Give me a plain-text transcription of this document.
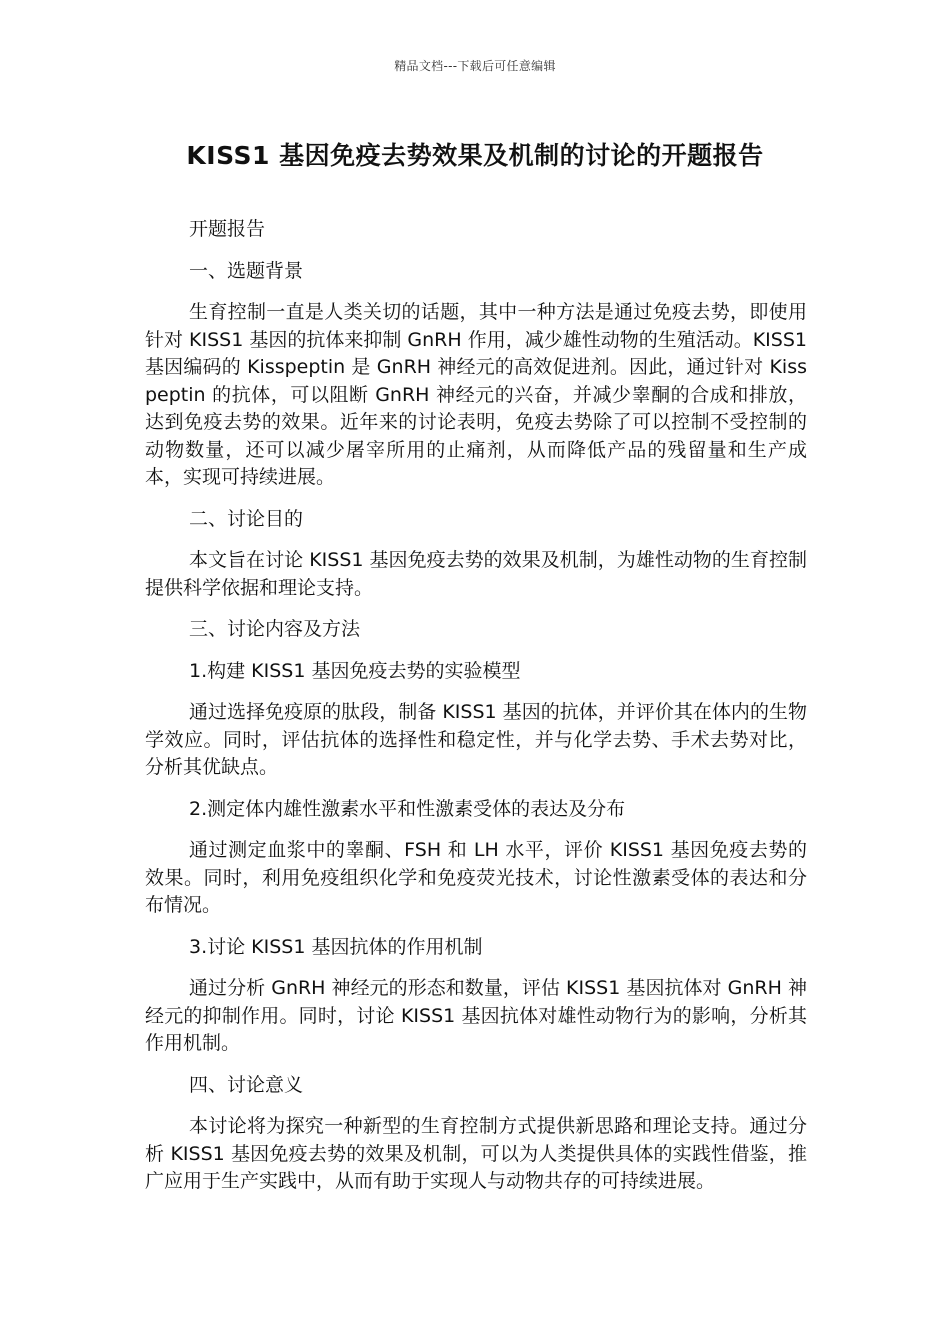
精品文档---下载后可任意编辑
KISS1 基因免疫去势效果及机制的讨论的开题报告

开题报告

一、选题背景

生育控制一直是人类关切的话题，其中一种方法是通过免疫去势，即使用针对 KISS1 基因的抗体来抑制 GnRH 作用，减少雄性动物的生殖活动。KISS1 基因编码的 Kisspeptin 是 GnRH 神经元的高效促进剂。因此，通过针对 Kisspeptin 的抗体，可以阻断 GnRH 神经元的兴奋，并减少睾酮的合成和排放，达到免疫去势的效果。近年来的讨论表明，免疫去势除了可以控制不受控制的动物数量，还可以减少屠宰所用的止痛剂，从而降低产品的残留量和生产成本，实现可持续进展。

二、讨论目的

本文旨在讨论 KISS1 基因免疫去势的效果及机制，为雄性动物的生育控制提供科学依据和理论支持。

三、讨论内容及方法

1.构建 KISS1 基因免疫去势的实验模型

通过选择免疫原的肽段，制备 KISS1 基因的抗体，并评价其在体内的生物学效应。同时，评估抗体的选择性和稳定性，并与化学去势、手术去势对比，分析其优缺点。

2.测定体内雄性激素水平和性激素受体的表达及分布

通过测定血浆中的睾酮、FSH 和 LH 水平，评价 KISS1 基因免疫去势的效果。同时，利用免疫组织化学和免疫荧光技术，讨论性激素受体的表达和分布情况。

3.讨论 KISS1 基因抗体的作用机制

通过分析 GnRH 神经元的形态和数量，评估 KISS1 基因抗体对 GnRH 神经元的抑制作用。同时，讨论 KISS1 基因抗体对雄性动物行为的影响，分析其作用机制。

四、讨论意义

本讨论将为探究一种新型的生育控制方式提供新思路和理论支持。通过分析 KISS1 基因免疫去势的效果及机制，可以为人类提供具体的实践性借鉴，推广应用于生产实践中，从而有助于实现人与动物共存的可持续进展。
